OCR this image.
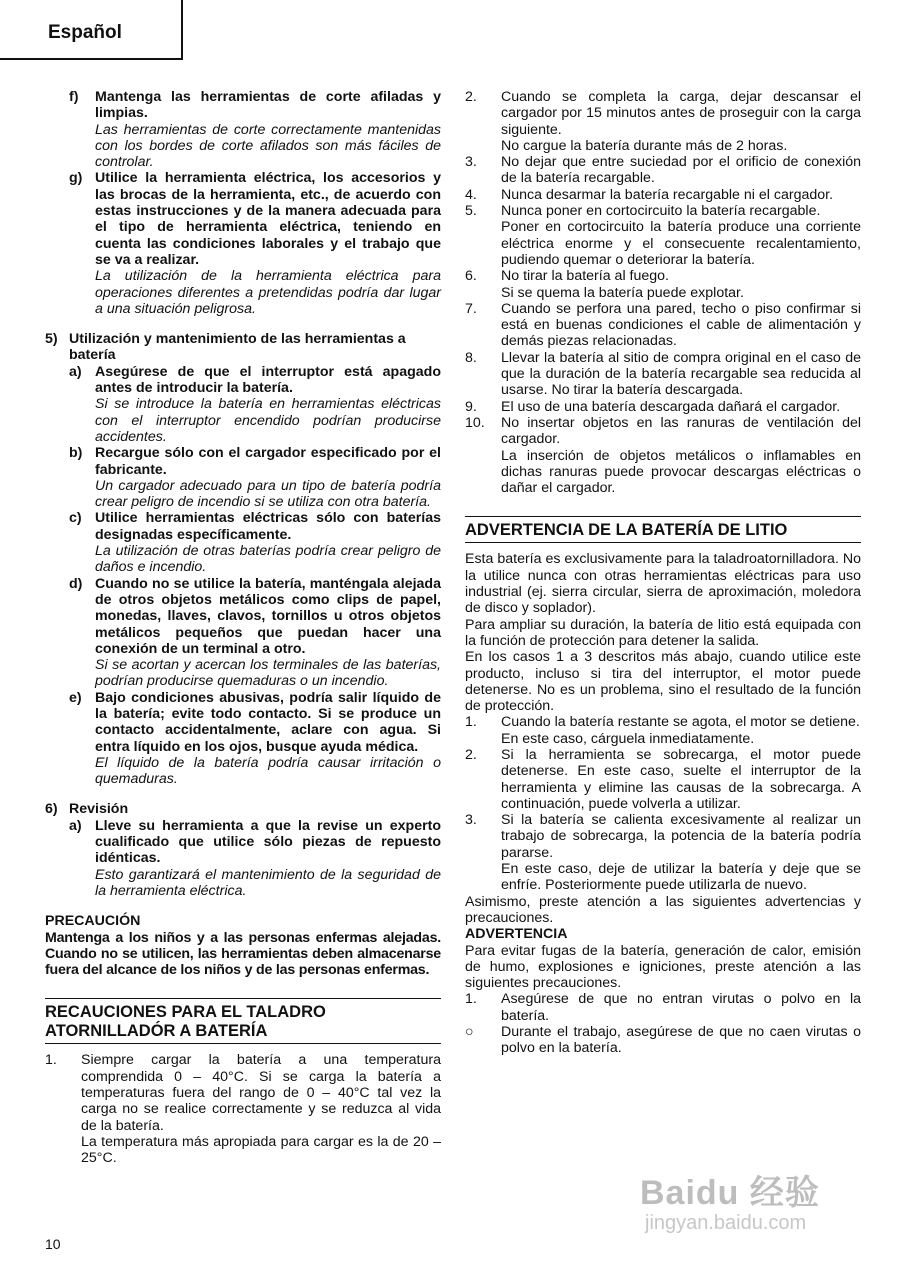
Español
f) Mantenga las herramientas de corte afiladas y limpias.
Las herramientas de corte correctamente mantenidas con los bordes de corte afilados son más fáciles de controlar.
g) Utilice la herramienta eléctrica, los accesorios y las brocas de la herramienta, etc., de acuerdo con estas instrucciones y de la manera adecuada para el tipo de herramienta eléctrica, teniendo en cuenta las condiciones laborales y el trabajo que se va a realizar.
La utilización de la herramienta eléctrica para operaciones diferentes a pretendidas podría dar lugar a una situación peligrosa.
5) Utilización y mantenimiento de las herramientas a batería
a) Asegúrese de que el interruptor está apagado antes de introducir la batería.
Si se introduce la batería en herramientas eléctricas con el interruptor encendido podrían producirse accidentes.
b) Recargue sólo con el cargador especificado por el fabricante.
Un cargador adecuado para un tipo de batería podría crear peligro de incendio si se utiliza con otra batería.
c) Utilice herramientas eléctricas sólo con baterías designadas específicamente.
La utilización de otras baterías podría crear peligro de daños e incendio.
d) Cuando no se utilice la batería, manténgala alejada de otros objetos metálicos como clips de papel, monedas, llaves, clavos, tornillos u otros objetos metálicos pequeños que puedan hacer una conexión de un terminal a otro.
Si se acortan y acercan los terminales de las baterías, podrían producirse quemaduras o un incendio.
e) Bajo condiciones abusivas, podría salir líquido de la batería; evite todo contacto. Si se produce un contacto accidentalmente, aclare con agua. Si entra líquido en los ojos, busque ayuda médica.
El líquido de la batería podría causar irritación o quemaduras.
6) Revisión
a) Lleve su herramienta a que la revise un experto cualificado que utilice sólo piezas de repuesto idénticas.
Esto garantizará el mantenimiento de la seguridad de la herramienta eléctrica.
PRECAUCIÓN
Mantenga a los niños y a las personas enfermas alejadas. Cuando no se utilicen, las herramientas deben almacenarse fuera del alcance de los niños y de las personas enfermas.
RECAUCIONES PARA EL TALADRO ATORNILLADÓR A BATERÍA
1. Siempre cargar la batería a una temperatura comprendida 0 – 40°C. Si se carga la batería a temperaturas fuera del rango de 0 – 40°C tal vez la carga no se realice correctamente y se reduzca al vida de la batería.
La temperatura más apropiada para cargar es la de 20 – 25°C.
2. Cuando se completa la carga, dejar descansar el cargador por 15 minutos antes de proseguir con la carga siguiente.
No cargue la batería durante más de 2 horas.
3. No dejar que entre suciedad por el orificio de conexión de la batería recargable.
4. Nunca desarmar la batería recargable ni el cargador.
5. Nunca poner en cortocircuito la batería recargable.
Poner en cortocircuito la batería produce una corriente eléctrica enorme y el consecuente recalentamiento, pudiendo quemar o deteriorar la batería.
6. No tirar la batería al fuego.
Si se quema la batería puede explotar.
7. Cuando se perfora una pared, techo o piso confirmar si está en buenas condiciones el cable de alimentación y demás piezas relacionadas.
8. Llevar la batería al sitio de compra original en el caso de que la duración de la batería recargable sea reducida al usarse. No tirar la batería descargada.
9. El uso de una batería descargada dañará el cargador.
10. No insertar objetos en las ranuras de ventilación del cargador.
La inserción de objetos metálicos o inflamables en dichas ranuras puede provocar descargas eléctricas o dañar el cargador.
ADVERTENCIA DE LA BATERÍA DE LITIO
Esta batería es exclusivamente para la taladroatornilladora. No la utilice nunca con otras herramientas eléctricas para uso industrial (ej. sierra circular, sierra de aproximación, moledora de disco y soplador).
Para ampliar su duración, la batería de litio está equipada con la función de protección para detener la salida.
En los casos 1 a 3 descritos más abajo, cuando utilice este producto, incluso si tira del interruptor, el motor puede detenerse. No es un problema, sino el resultado de la función de protección.
1. Cuando la batería restante se agota, el motor se detiene.
En este caso, cárguela inmediatamente.
2. Si la herramienta se sobrecarga, el motor puede detenerse. En este caso, suelte el interruptor de la herramienta y elimine las causas de la sobrecarga. A continuación, puede volverla a utilizar.
3. Si la batería se calienta excesivamente al realizar un trabajo de sobrecarga, la potencia de la batería podría pararse.
En este caso, deje de utilizar la batería y deje que se enfríe. Posteriormente puede utilizarla de nuevo.
Asimismo, preste atención a las siguientes advertencias y precauciones.
ADVERTENCIA
Para evitar fugas de la batería, generación de calor, emisión de humo, explosiones e igniciones, preste atención a las siguientes precauciones.
1. Asegúrese de que no entran virutas o polvo en la batería.
○ Durante el trabajo, asegúrese de que no caen virutas o polvo en la batería.
10
Baidu 经验
jingyan.baidu.com
